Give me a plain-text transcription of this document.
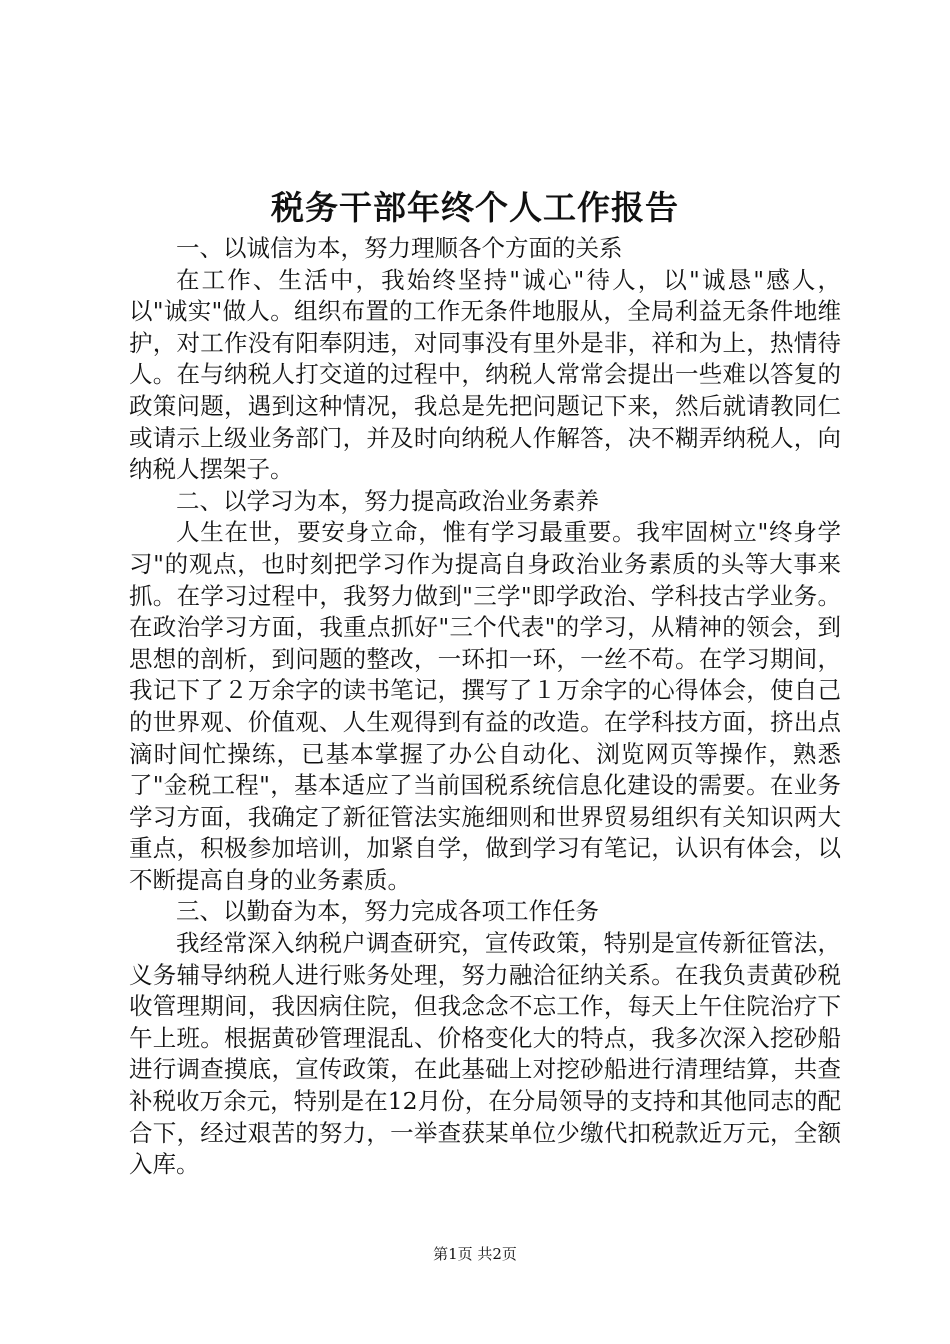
税务干部年终个人工作报告

一、以诚信为本，努力理顺各个方面的关系

在工作、生活中，我始终坚持"诚心"待人，以"诚恳"感人，以"诚实"做人。组织布置的工作无条件地服从，全局利益无条件地维护，对工作没有阳奉阴违，对同事没有里外是非，祥和为上，热情待人。在与纳税人打交道的过程中，纳税人常常会提出一些难以答复的政策问题，遇到这种情况，我总是先把问题记下来，然后就请教同仁或请示上级业务部门，并及时向纳税人作解答，决不糊弄纳税人，向纳税人摆架子。

二、以学习为本，努力提高政治业务素养

人生在世，要安身立命，惟有学习最重要。我牢固树立"终身学习"的观点，也时刻把学习作为提高自身政治业务素质的头等大事来抓。在学习过程中，我努力做到"三学"即学政治、学科技古学业务。在政治学习方面，我重点抓好"三个代表"的学习，从精神的领会，到思想的剖析，到问题的整改，一环扣一环，一丝不苟。在学习期间，我记下了２万余字的读书笔记，撰写了１万余字的心得体会，使自己的世界观、价值观、人生观得到有益的改造。在学科技方面，挤出点滴时间忙操练，已基本掌握了办公自动化、浏览网页等操作，熟悉了"金税工程"，基本适应了当前国税系统信息化建设的需要。在业务学习方面，我确定了新征管法实施细则和世界贸易组织有关知识两大重点，积极参加培训，加紧自学，做到学习有笔记，认识有体会，以不断提高自身的业务素质。

三、以勤奋为本，努力完成各项工作任务

我经常深入纳税户调查研究，宣传政策，特别是宣传新征管法，义务辅导纳税人进行账务处理，努力融洽征纳关系。在我负责黄砂税收管理期间，我因病住院，但我念念不忘工作，每天上午住院治疗下午上班。根据黄砂管理混乱、价格变化大的特点，我多次深入挖砂船进行调查摸底，宣传政策，在此基础上对挖砂船进行清理结算，共查补税收万余元，特别是在12月份，在分局领导的支持和其他同志的配合下，经过艰苦的努力，一举查获某单位少缴代扣税款近万元，全额入库。

第1页 共2页
